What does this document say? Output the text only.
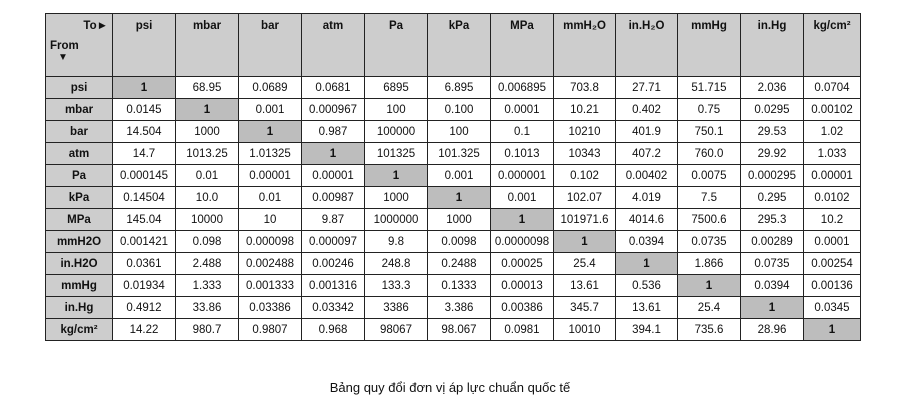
To►
From
▼	psi	mbar	bar	atm	Pa	kPa	MPa	mmH₂O	in.H₂O	mmHg	in.Hg	kg/cm²
psi	1	68.95	0.0689	0.0681	6895	6.895	0.006895	703.8	27.71	51.715	2.036	0.0704
mbar	0.0145	1	0.001	0.000967	100	0.100	0.0001	10.21	0.402	0.75	0.0295	0.00102
bar	14.504	1000	1	0.987	100000	100	0.1	10210	401.9	750.1	29.53	1.02
atm	14.7	1013.25	1.01325	1	101325	101.325	0.1013	10343	407.2	760.0	29.92	1.033
Pa	0.000145	0.01	0.00001	0.00001	1	0.001	0.000001	0.102	0.00402	0.0075	0.000295	0.00001
kPa	0.14504	10.0	0.01	0.00987	1000	1	0.001	102.07	4.019	7.5	0.295	0.0102
MPa	145.04	10000	10	9.87	1000000	1000	1	101971.6	4014.6	7500.6	295.3	10.2
mmH2O	0.001421	0.098	0.000098	0.000097	9.8	0.0098	0.0000098	1	0.0394	0.0735	0.00289	0.0001
in.H2O	0.0361	2.488	0.002488	0.00246	248.8	0.2488	0.00025	25.4	1	1.866	0.0735	0.00254
mmHg	0.01934	1.333	0.001333	0.001316	133.3	0.1333	0.00013	13.61	0.536	1	0.0394	0.00136
in.Hg	0.4912	33.86	0.03386	0.03342	3386	3.386	0.00386	345.7	13.61	25.4	1	0.0345
kg/cm²	14.22	980.7	0.9807	0.968	98067	98.067	0.0981	10010	394.1	735.6	28.96	1
Bảng quy đổi đơn vị áp lực chuẩn quốc tế
